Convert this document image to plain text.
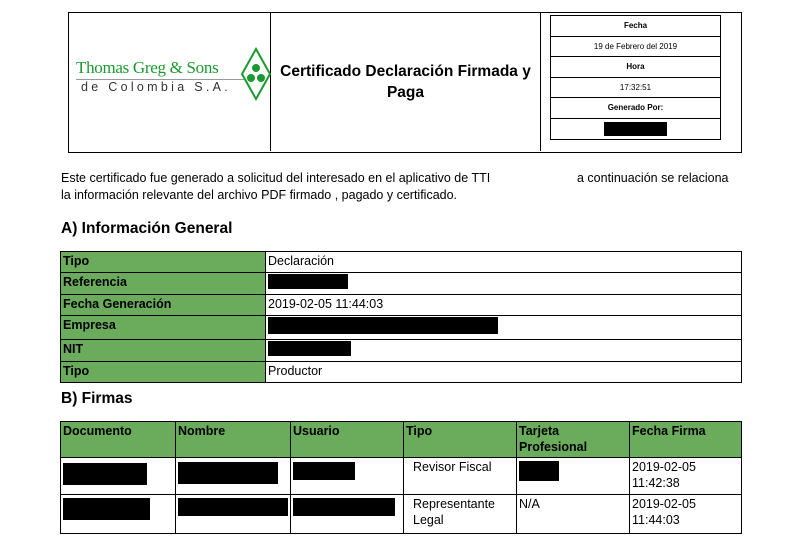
Thomas Greg & Sons
de Colombia S.A.
Certificado Declaración Firmada y Paga
Fecha
19 de Febrero del 2019
Hora
17:32:51
Generado Por:
Este certificado fue generado a solicitud del interesado en el aplicativo de TTI	a continuación se relaciona
la información relevante del archivo PDF firmado , pagado y certificado.
A) Información General
Tipo	Declaración
Referencia	
Fecha Generación	2019-02-05 11:44:03
Empresa	
NIT	
Tipo	Productor
B) Firmas
Documento	Nombre	Usuario	Tipo	Tarjeta Profesional	Fecha Firma
			Revisor Fiscal		2019-02-05
11:42:38

			Representante Legal	N/A	2019-02-05
11:44:03
